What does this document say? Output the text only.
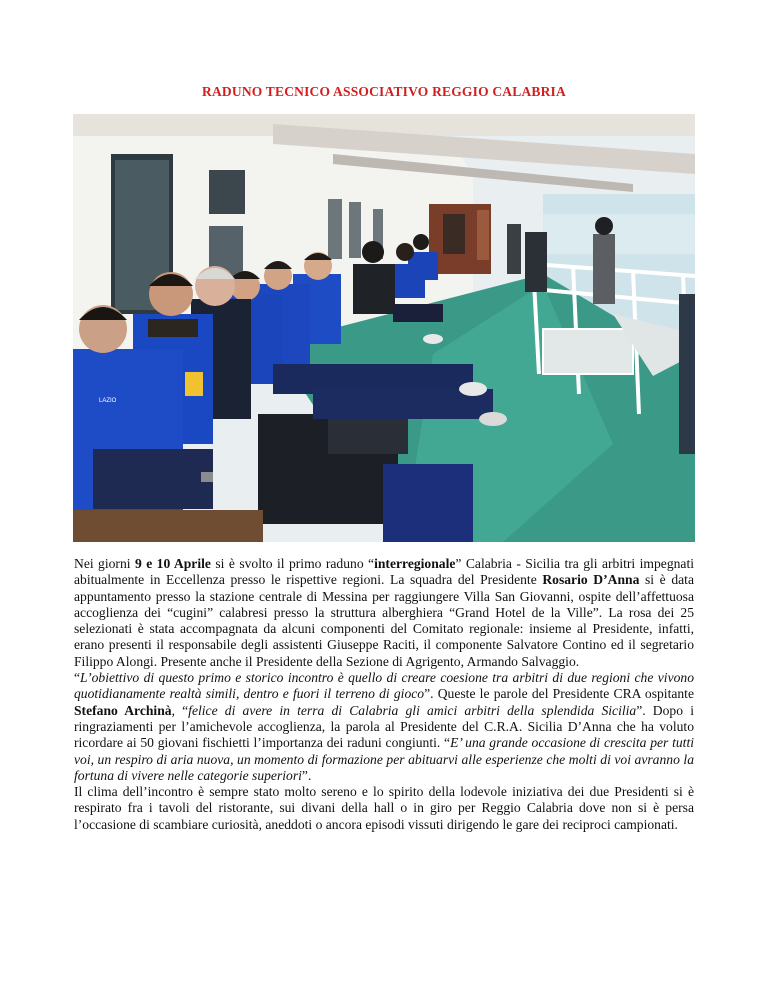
RADUNO TECNICO ASSOCIATIVO REGGIO CALABRIA
LAZIO

Nei giorni 9 e 10 Aprile si è svolto il primo raduno “interregionale” Calabria - Sicilia tra gli arbitri impegnati abitualmente in Eccellenza presso le rispettive regioni. La squadra del Presidente Rosario D’Anna si è data appuntamento presso la stazione centrale di Messina per raggiungere Villa San Giovanni, ospite dell’affettuosa accoglienza dei “cugini” calabresi presso la struttura alberghiera “Grand Hotel de la Ville”. La rosa dei 25 selezionati è stata accompagnata da alcuni componenti del Comitato regionale: insieme al Presidente, infatti, erano presenti il responsabile degli assistenti Giuseppe Raciti, il componente Salvatore Contino ed il segretario Filippo Alongi. Presente anche il Presidente della Sezione di Agrigento, Armando Salvaggio.

“L’obiettivo di questo primo e storico incontro è quello di creare coesione tra arbitri di due regioni che vivono quotidianamente realtà simili, dentro e fuori il terreno di gioco”. Queste le parole del Presidente CRA ospitante Stefano Archinà, “felice di avere in terra di Calabria gli amici arbitri della splendida Sicilia”. Dopo i ringraziamenti per l’amichevole accoglienza, la parola al Presidente del C.R.A. Sicilia D’Anna che ha voluto ricordare ai 50 giovani fischietti l’importanza dei raduni congiunti. “E’ una grande occasione di crescita per tutti voi, un respiro di aria nuova, un momento di formazione per abituarvi alle esperienze che molti di voi avranno la fortuna di vivere nelle categorie superiori”.

Il clima dell’incontro è sempre stato molto sereno e lo spirito della lodevole iniziativa dei due Presidenti si è respirato fra i tavoli del ristorante, sui divani della hall o in giro per Reggio Calabria dove non si è persa l’occasione di scambiare curiosità, aneddoti o ancora episodi vissuti dirigendo le gare dei reciproci campionati.
